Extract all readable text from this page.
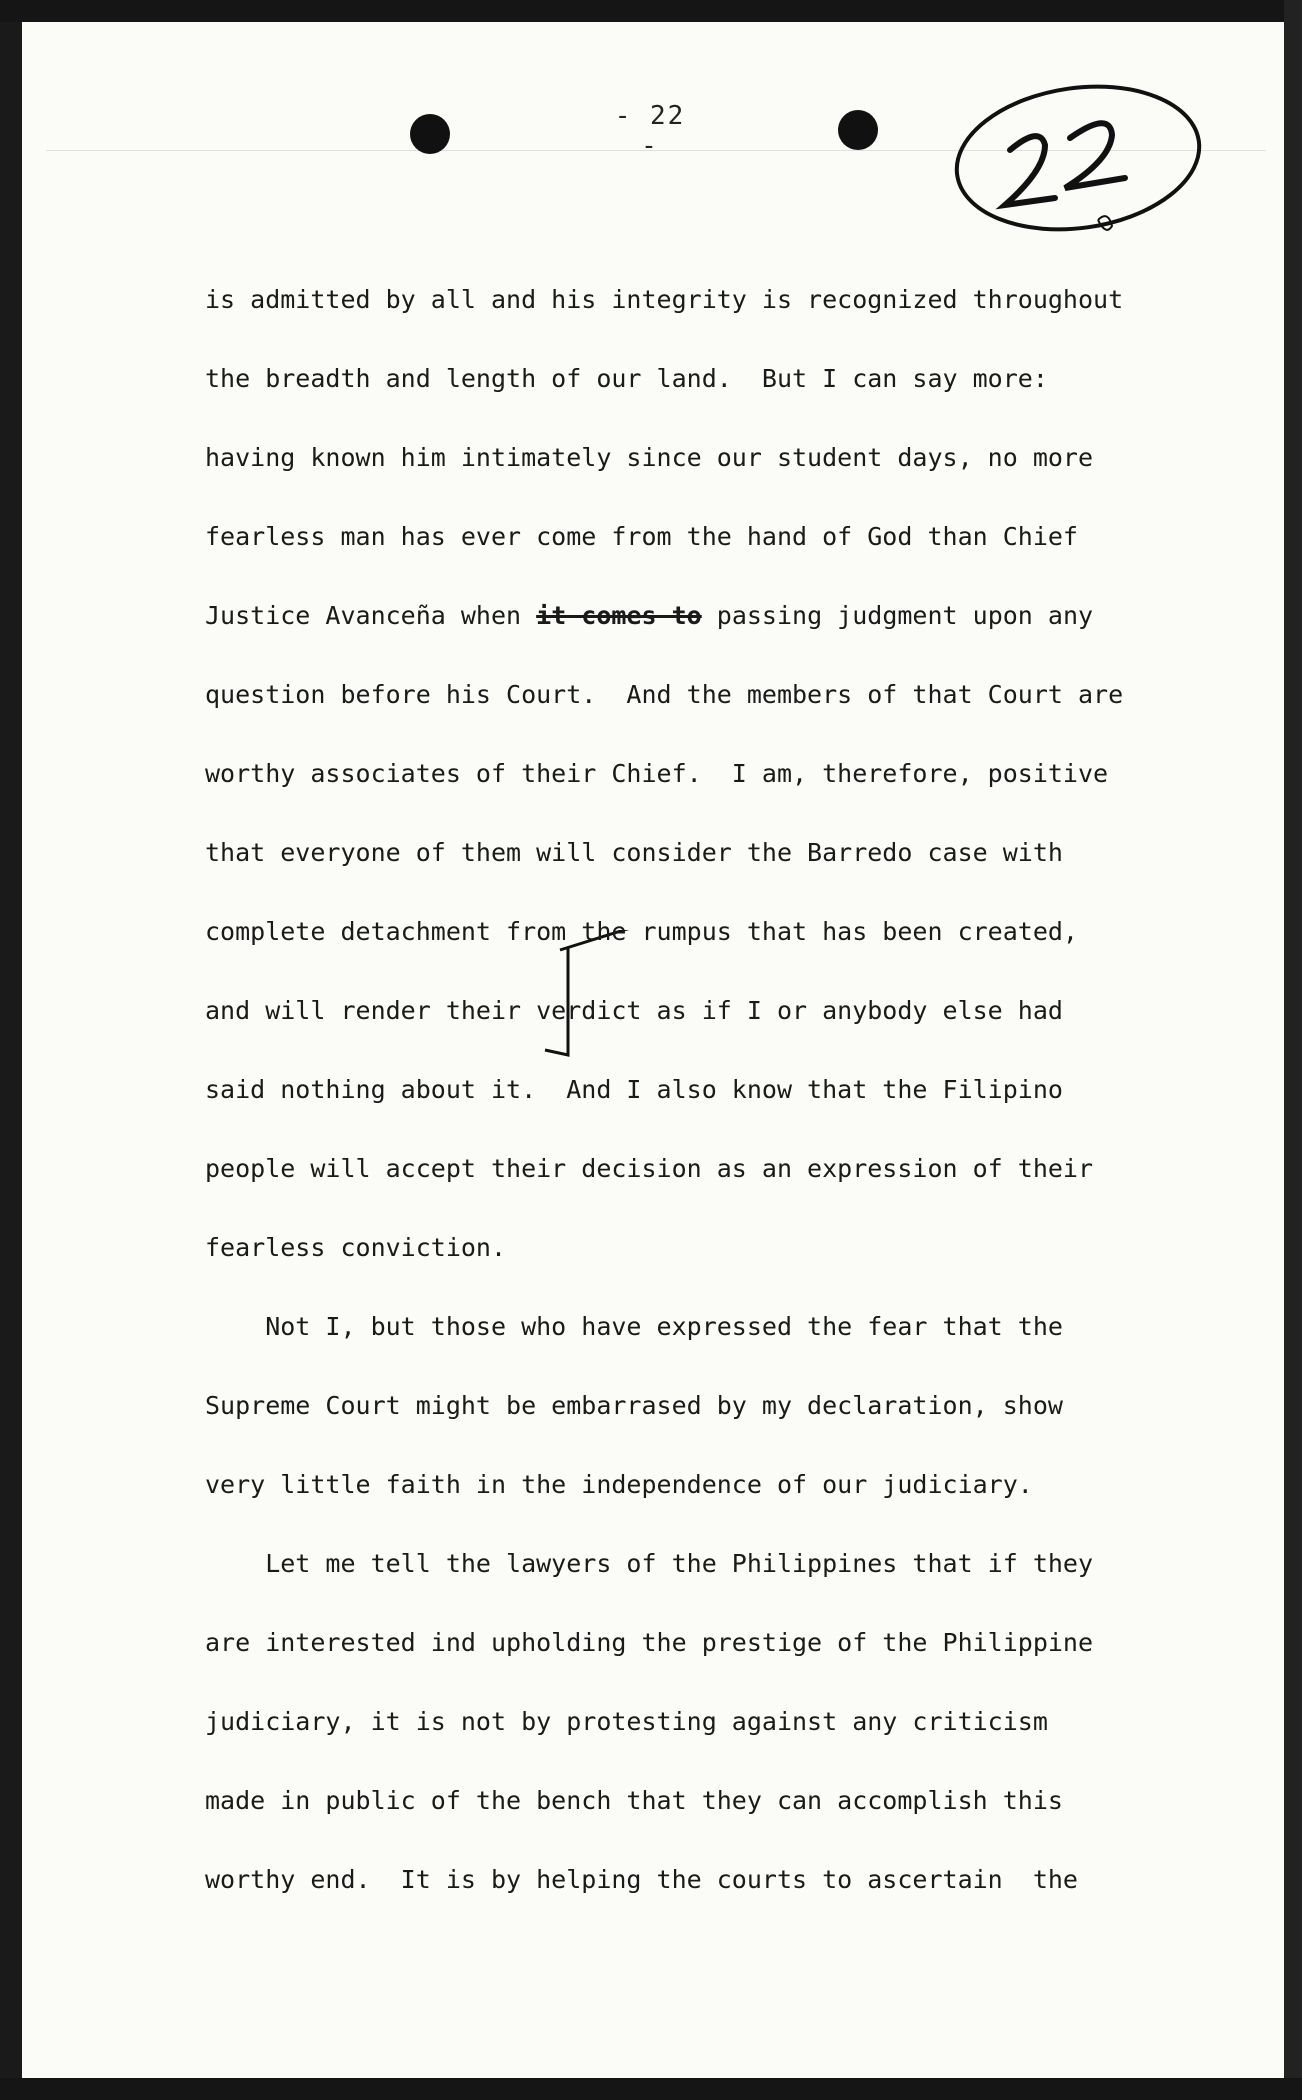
- 22 -

is admitted by all and his integrity is recognized throughout

the breadth and length of our land.  But I can say more:

having known him intimately since our student days, no more

fearless man has ever come from the hand of God than Chief

Justice Avanceña when it comes to passing judgment upon any

question before his Court.  And the members of that Court are

worthy associates of their Chief.  I am, therefore, positive

that everyone of them will consider the Barredo case with

complete detachment from the rumpus that has been created,

and will render their verdict as if I or anybody else had

said nothing about it.  And I also know that the Filipino

people will accept their decision as an expression of their

fearless conviction.

Not I, but those who have expressed the fear that the

Supreme Court might be embarrased by my declaration, show

very little faith in the independence of our judiciary.

Let me tell the lawyers of the Philippines that if they

are interested ind upholding the prestige of the Philippine

judiciary, it is not by protesting against any criticism

made in public of the bench that they can accomplish this

worthy end.  It is by helping the courts to ascertain  the
